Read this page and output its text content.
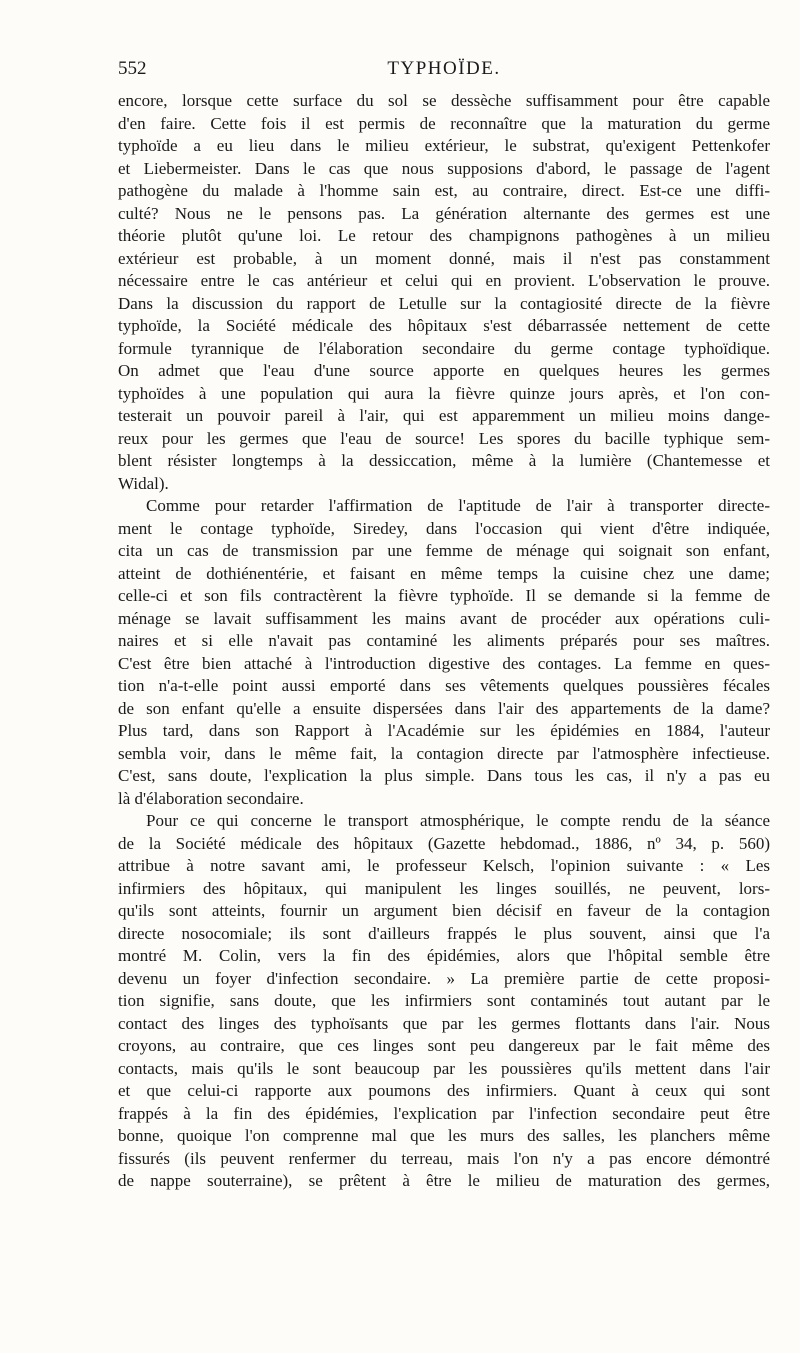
552	TYPHOÏDE.
encore, lorsque cette surface du sol se dessèche suffisamment pour être capable
d'en faire. Cette fois il est permis de reconnaître que la maturation du germe
typhoïde a eu lieu dans le milieu extérieur, le substrat, qu'exigent Pettenkofer
et Liebermeister. Dans le cas que nous supposions d'abord, le passage de l'agent
pathogène du malade à l'homme sain est, au contraire, direct. Est-ce une diffi-
culté? Nous ne le pensons pas. La génération alternante des germes est une
théorie plutôt qu'une loi. Le retour des champignons pathogènes à un milieu
extérieur est probable, à un moment donné, mais il n'est pas constamment
nécessaire entre le cas antérieur et celui qui en provient. L'observation le prouve.
Dans la discussion du rapport de Letulle sur la contagiosité directe de la fièvre
typhoïde, la Société médicale des hôpitaux s'est débarrassée nettement de cette
formule tyrannique de l'élaboration secondaire du germe contage typhoïdique.
On admet que l'eau d'une source apporte en quelques heures les germes
typhoïdes à une population qui aura la fièvre quinze jours après, et l'on con-
testerait un pouvoir pareil à l'air, qui est apparemment un milieu moins dange-
reux pour les germes que l'eau de source! Les spores du bacille typhique sem-
blent résister longtemps à la dessiccation, même à la lumière (Chantemesse et
Widal).
Comme pour retarder l'affirmation de l'aptitude de l'air à transporter directe-
ment le contage typhoïde, Siredey, dans l'occasion qui vient d'être indiquée,
cita un cas de transmission par une femme de ménage qui soignait son enfant,
atteint de dothiénentérie, et faisant en même temps la cuisine chez une dame;
celle-ci et son fils contractèrent la fièvre typhoïde. Il se demande si la femme de
ménage se lavait suffisamment les mains avant de procéder aux opérations culi-
naires et si elle n'avait pas contaminé les aliments préparés pour ses maîtres.
C'est être bien attaché à l'introduction digestive des contages. La femme en ques-
tion n'a-t-elle point aussi emporté dans ses vêtements quelques poussières fécales
de son enfant qu'elle a ensuite dispersées dans l'air des appartements de la dame?
Plus tard, dans son Rapport à l'Académie sur les épidémies en 1884, l'auteur
sembla voir, dans le même fait, la contagion directe par l'atmosphère infectieuse.
C'est, sans doute, l'explication la plus simple. Dans tous les cas, il n'y a pas eu
là d'élaboration secondaire.
Pour ce qui concerne le transport atmosphérique, le compte rendu de la séance
de la Société médicale des hôpitaux (Gazette hebdomad., 1886, nº 34, p. 560)
attribue à notre savant ami, le professeur Kelsch, l'opinion suivante : « Les
infirmiers des hôpitaux, qui manipulent les linges souillés, ne peuvent, lors-
qu'ils sont atteints, fournir un argument bien décisif en faveur de la contagion
directe nosocomiale; ils sont d'ailleurs frappés le plus souvent, ainsi que l'a
montré M. Colin, vers la fin des épidémies, alors que l'hôpital semble être
devenu un foyer d'infection secondaire. » La première partie de cette proposi-
tion signifie, sans doute, que les infirmiers sont contaminés tout autant par le
contact des linges des typhoïsants que par les germes flottants dans l'air. Nous
croyons, au contraire, que ces linges sont peu dangereux par le fait même des
contacts, mais qu'ils le sont beaucoup par les poussières qu'ils mettent dans l'air
et que celui-ci rapporte aux poumons des infirmiers. Quant à ceux qui sont
frappés à la fin des épidémies, l'explication par l'infection secondaire peut être
bonne, quoique l'on comprenne mal que les murs des salles, les planchers même
fissurés (ils peuvent renfermer du terreau, mais l'on n'y a pas encore démontré
de nappe souterraine), se prêtent à être le milieu de maturation des germes,
